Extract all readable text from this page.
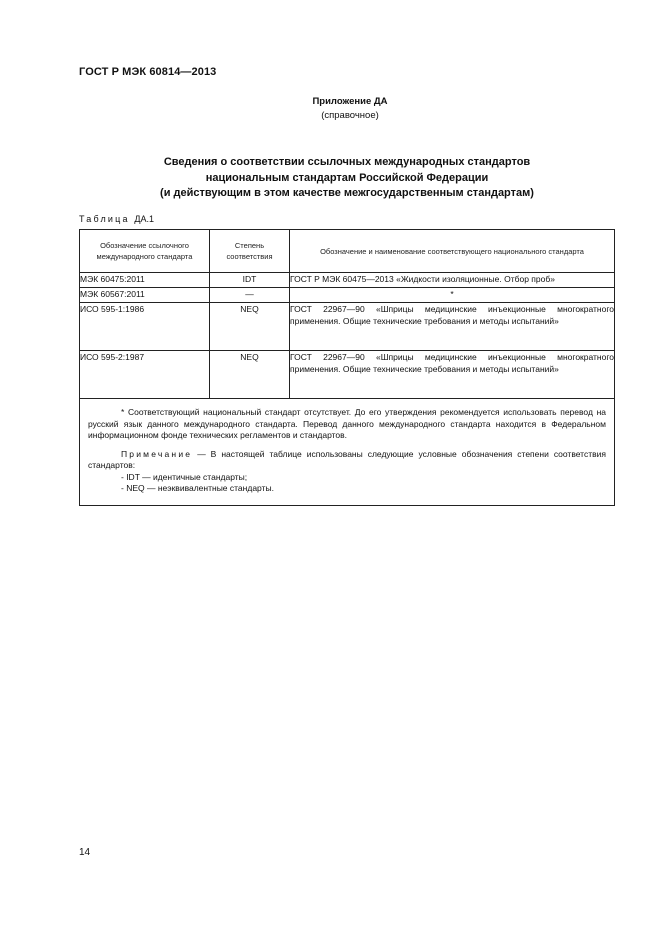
ГОСТ Р МЭК 60814—2013
Приложение ДА
(справочное)
Сведения о соответствии ссылочных международных стандартов
национальным стандартам Российской Федерации
(и действующим в этом качестве межгосударственным стандартам)
Таблица ДА.1
Обозначение ссылочного международного стандарта	Степень соответствия	Обозначение и наименование соответствующего национального стандарта
МЭК 60475:2011	IDT	ГОСТ Р МЭК 60475—2013 «Жидкости изоляционные. Отбор проб»
МЭК 60567:2011	—	*
ИСО 595-1:1986	NEQ	ГОСТ 22967—90 «Шприцы медицинские инъекционные многократного применения. Общие технические требования и методы испытаний»
ИСО 595-2:1987	NEQ	ГОСТ 22967—90 «Шприцы медицинские инъекционные многократного применения. Общие технические требования и методы испытаний»

* Соответствующий национальный стандарт отсутствует. До его утверждения рекомендуется использовать перевод на русский язык данного международного стандарта. Перевод данного международного стандарта находится в Федеральном информационном фонде технических регламентов и стандартов.

Примечание — В настоящей таблице использованы следующие условные обозначения степени соответствия стандартов:

- IDT — идентичные стандарты;

- NEQ — неэквивалентные стандарты.		

14
